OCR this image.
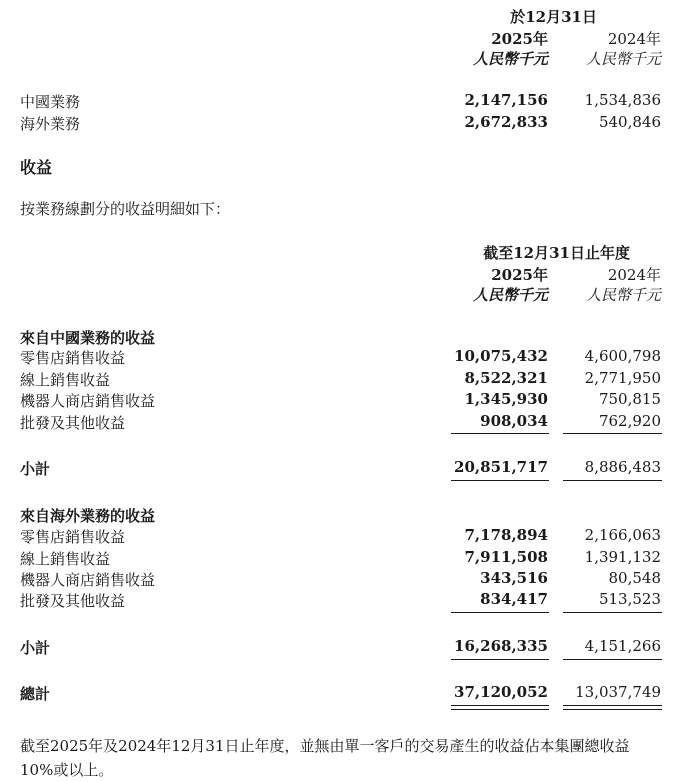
於12月31日
2025年	2024年
人民幣千元	人民幣千元
中國業務	2,147,156 1,534,836
海外業務	2,672,833	540,846
收益
按業務線劃分的收益明細如下：
截至12月31日止年度
2025年	2024年
人民幣千元	人民幣千元
來自中國業務的收益
零售店銷售收益	10,075,432 4,600,798
線上銷售收益	8,522,321 2,771,950
機器人商店銷售收益	1,345,930	750,815
批發及其他收益	908,034	762,920
小計	20,851,717 8,886,483
來自海外業務的收益
零售店銷售收益	7,178,894 2,166,063
線上銷售收益	7,911,508 1,391,132
機器人商店銷售收益	343,516	80,548
批發及其他收益	834,417	513,523
小計	16,268,335 4,151,266
總計	37,120,052 13,037,749
截至2025年及2024年12月31日止年度，並無由單一客戶的交易產生的收益佔本集團總收益10%或以上。
